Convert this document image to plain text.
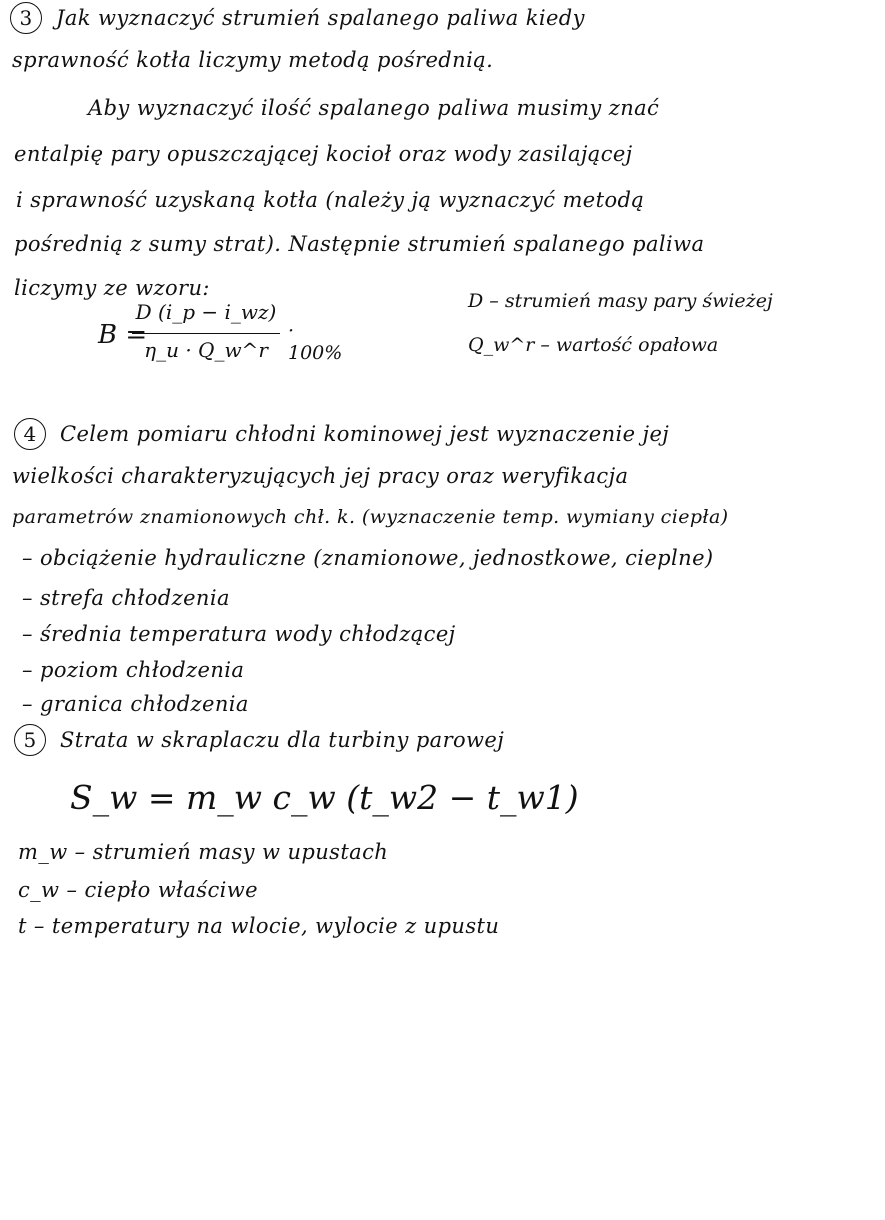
3 Jak wyznaczyć strumień spalanego paliwa kiedy
sprawność kotła liczymy metodą pośrednią.
Aby wyznaczyć ilość spalanego paliwa musimy znać
entalpię pary opuszczającej kocioł oraz wody zasilającej
i sprawność uzyskaną kotła (należy ją wyznaczyć metodą
pośrednią z sumy strat). Następnie strumień spalanego paliwa
liczymy ze wzoru:
B =
D (i_p − i_wz)
η_u · Q_w^r
· 100%
D – strumień masy pary świeżej
Q_w^r – wartość opałowa
4 Celem pomiaru chłodni kominowej jest wyznaczenie jej
wielkości charakteryzujących jej pracy oraz weryfikacja
parametrów znamionowych chł. k. (wyznaczenie temp. wymiany ciepła)
– obciążenie hydrauliczne (znamionowe, jednostkowe, cieplne)
– strefa chłodzenia
– średnia temperatura wody chłodzącej
– poziom chłodzenia
– granica chłodzenia
5 Strata w skraplaczu dla turbiny parowej
S_w = m_w c_w (t_w2 − t_w1)
m_w – strumień masy w upustach
c_w – ciepło właściwe
t – temperatury na wlocie, wylocie z upustu
